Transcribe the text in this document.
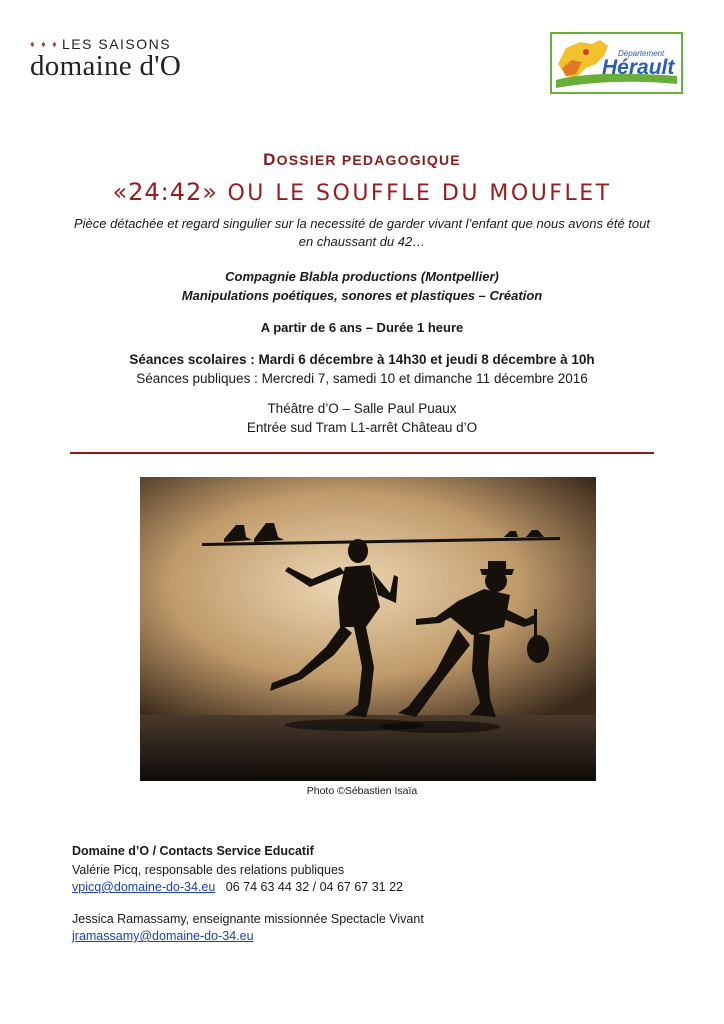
♦ ♦ ♦ LES SAISONS
domaine d'O	Département
Hérault
DOSSIER PEDAGOGIQUE
«24:42» OU LE SOUFFLE DU MOUFLET
Pièce détachée et regard singulier sur la necessité de garder vivant l’enfant que nous avons été tout en chaussant du 42…
Compagnie Blabla productions (Montpellier)
Manipulations poétiques, sonores et plastiques – Création
A partir de 6 ans – Durée 1 heure
Séances scolaires : Mardi 6 décembre à 14h30 et jeudi 8 décembre à 10h
Séances publiques : Mercredi 7, samedi 10 et dimanche 11 décembre 2016
Théâtre d’O – Salle Paul Puaux
Entrée sud Tram L1-arrêt Château d’O
Photo ©Sébastien Isaïa
Domaine d’O / Contacts Service Educatif
Valérie Picq, responsable des relations publiques
vpicq@domaine-do-34.eu 06 74 63 44 32 / 04 67 67 31 22
Jessica Ramassamy, enseignante missionnée Spectacle Vivant
jramassamy@domaine-do-34.eu
